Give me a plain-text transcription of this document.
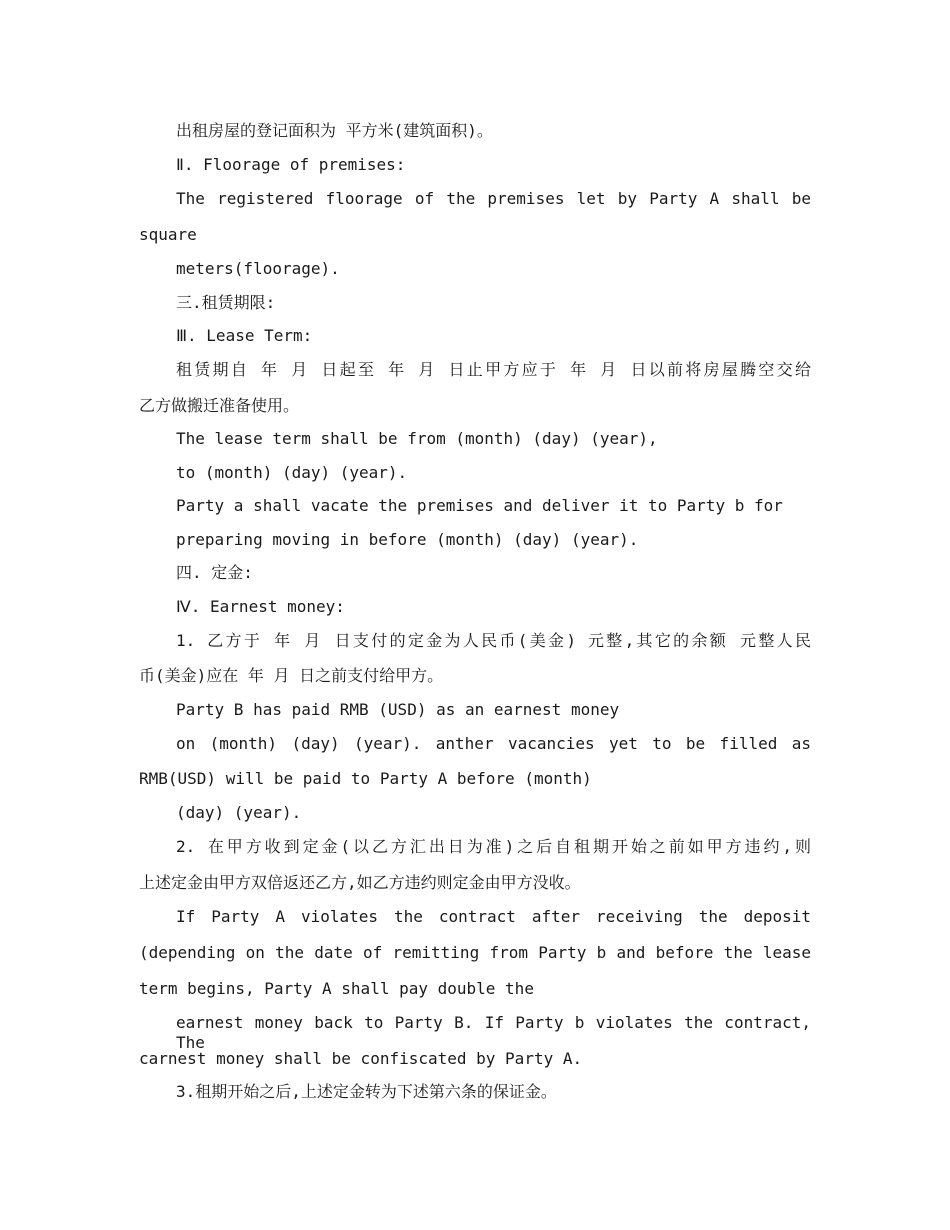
出租房屋的登记面积为 平方米(建筑面积)。

Ⅱ. Floorage of premises:

The registered floorage of the premises let by Party A shall be

square

meters(floorage).

三.租赁期限:

Ⅲ. Lease Term:

租赁期自 年 月 日起至 年 月 日止甲方应于 年 月 日以前将房屋腾空交给

乙方做搬迁准备使用。

The lease term shall be from (month) (day) (year),

to (month) (day) (year).

Party a shall vacate the premises and deliver it to Party b for

preparing moving in before (month) (day) (year).

四. 定金:

Ⅳ. Earnest money:

1. 乙方于 年 月 日支付的定金为人民币(美金) 元整,其它的余额 元整人民

币(美金)应在 年 月 日之前支付给甲方。

Party B has paid RMB (USD) as an earnest money

on (month) (day) (year). anther vacancies yet to be filled as

RMB(USD) will be paid to Party A before (month)

(day) (year).

2. 在甲方收到定金(以乙方汇出日为准)之后自租期开始之前如甲方违约,则

上述定金由甲方双倍返还乙方,如乙方违约则定金由甲方没收。

If Party A violates the contract after receiving the deposit

(depending on the date of remitting from Party b and before the lease

term begins, Party A shall pay double the

earnest money back to Party B. If Party b violates the contract, The

carnest money shall be confiscated by Party A.

3.租期开始之后,上述定金转为下述第六条的保证金。
